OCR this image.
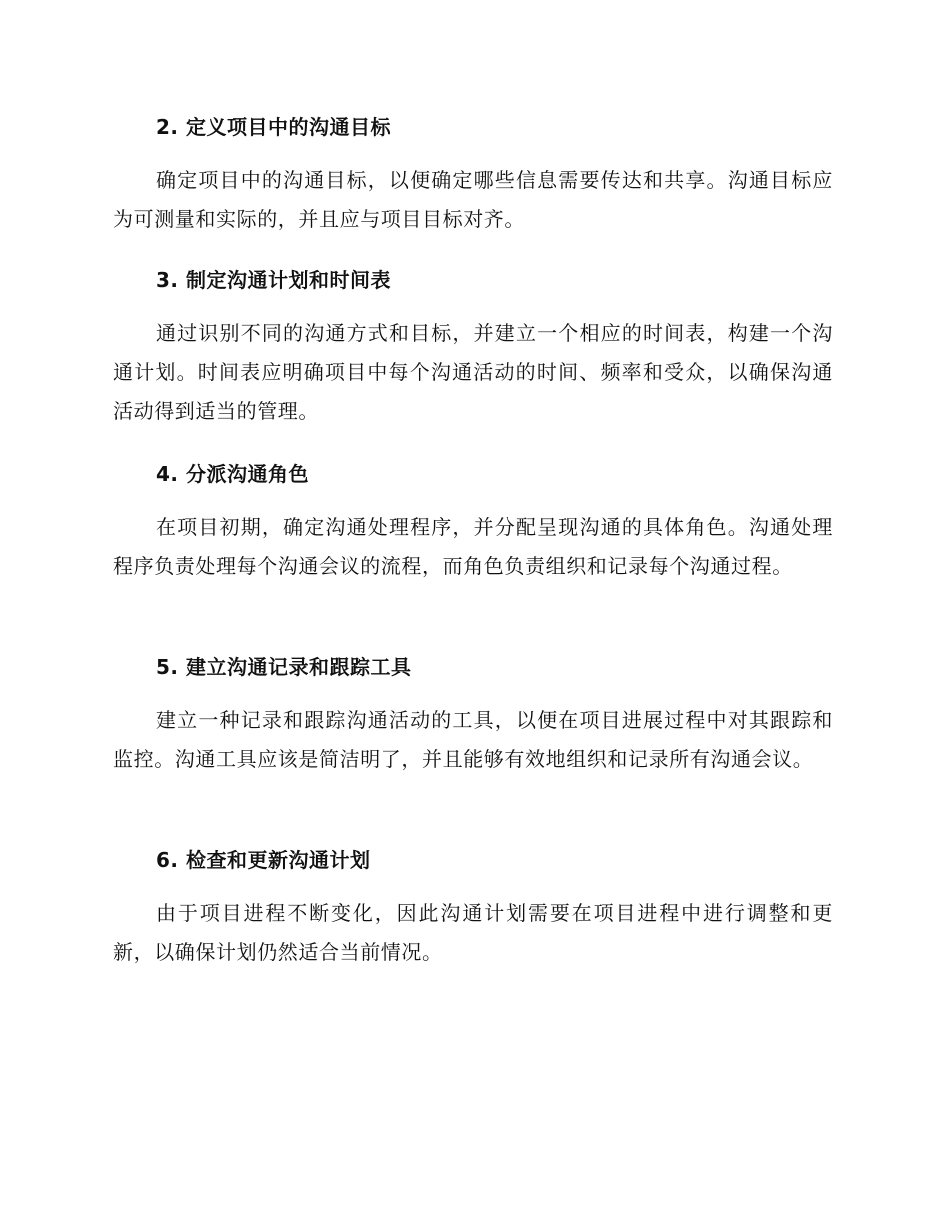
2. 定义项目中的沟通目标
确定项目中的沟通目标，以便确定哪些信息需要传达和共享。沟通目标应为可测量和实际的，并且应与项目目标对齐。
3. 制定沟通计划和时间表
通过识别不同的沟通方式和目标，并建立一个相应的时间表，构建一个沟通计划。时间表应明确项目中每个沟通活动的时间、频率和受众，以确保沟通活动得到适当的管理。
4. 分派沟通角色
在项目初期，确定沟通处理程序，并分配呈现沟通的具体角色。沟通处理程序负责处理每个沟通会议的流程，而角色负责组织和记录每个沟通过程。
5. 建立沟通记录和跟踪工具
建立一种记录和跟踪沟通活动的工具，以便在项目进展过程中对其跟踪和监控。沟通工具应该是简洁明了，并且能够有效地组织和记录所有沟通会议。
6. 检查和更新沟通计划
由于项目进程不断变化，因此沟通计划需要在项目进程中进行调整和更新，以确保计划仍然适合当前情况。
